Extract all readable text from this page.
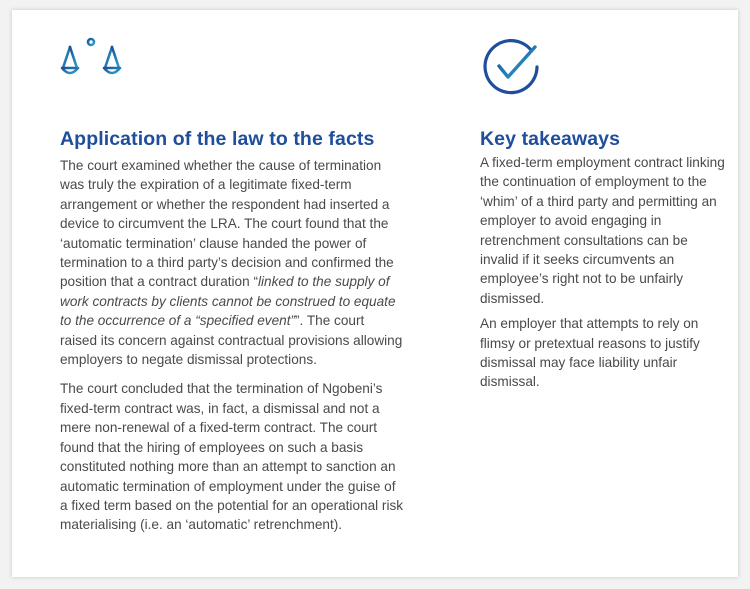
Application of the law to the facts

The court examined whether the cause of termination was truly the expiration of a legitimate fixed-term arrangement or whether the respondent had inserted a device to circumvent the LRA. The court found that the ‘automatic termination’ clause handed the power of termination to a third party’s decision and confirmed the position that a contract duration “linked to the supply of work contracts by clients cannot be construed to equate to the occurrence of a “specified event””. The court raised its concern against contractual provisions allowing employers to negate dismissal protections.

The court concluded that the termination of Ngobeni’s fixed-term contract was, in fact, a dismissal and not a mere non-renewal of a fixed-term contract. The court found that the hiring of employees on such a basis constituted nothing more than an attempt to sanction an automatic termination of employment under the guise of a fixed term based on the potential for an operational risk materialising (i.e. an ‘automatic’ retrenchment).

Key takeaways

A fixed-term employment contract linking the continuation of employment to the ‘whim’ of a third party and permitting an employer to avoid engaging in retrenchment consultations can be invalid if it seeks circumvents an employee’s right not to be unfairly dismissed.

An employer that attempts to rely on flimsy or pretextual reasons to justify dismissal may face liability unfair dismissal.
